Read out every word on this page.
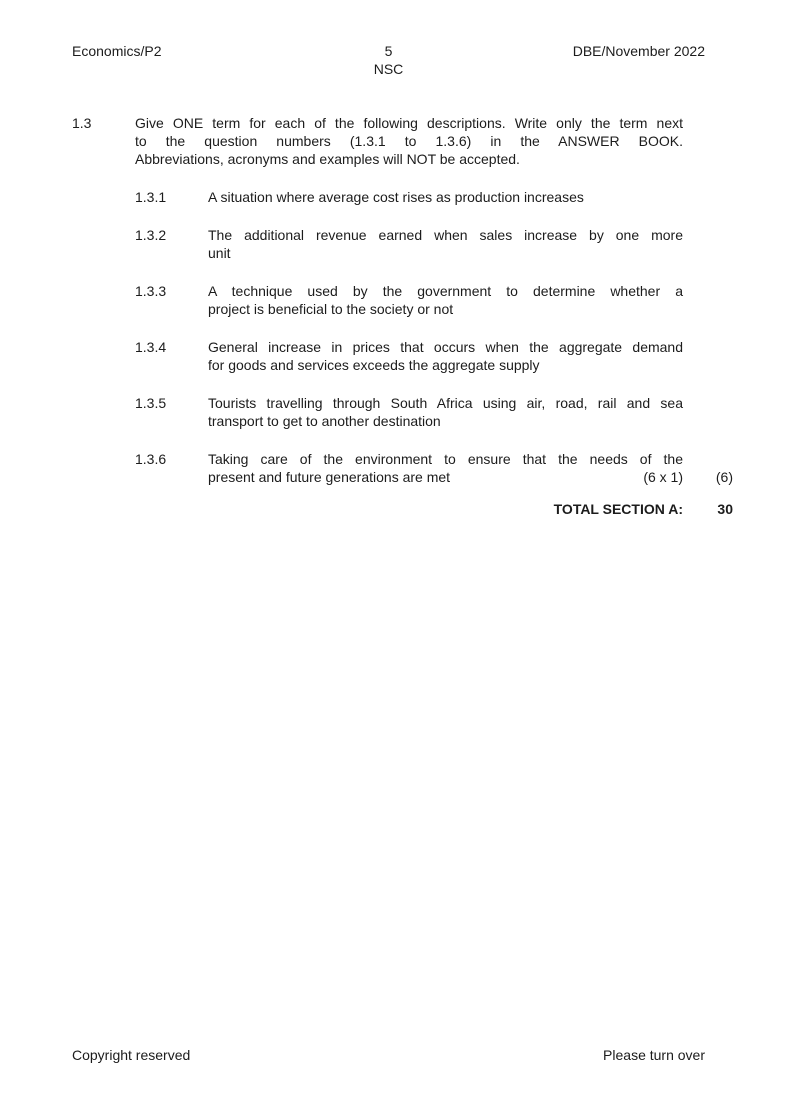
Economics/P2	5	DBE/November 2022
NSC
1.3	Give ONE term for each of the following descriptions. Write only the term next
to the question numbers (1.3.1 to 1.3.6) in the ANSWER BOOK.
Abbreviations, acronyms and examples will NOT be accepted.
1.3.1	A situation where average cost rises as production increases
1.3.2	The additional revenue earned when sales increase by one more
unit
1.3.3	A technique used by the government to determine whether a
project is beneficial to the society or not
1.3.4	General increase in prices that occurs when the aggregate demand
for goods and services exceeds the aggregate supply
1.3.5	Tourists travelling through South Africa using air, road, rail and sea
transport to get to another destination
1.3.6	Taking care of the environment to ensure that the needs of the
present and future generations are met	(6 x 1) (6)
TOTAL SECTION A: 30
Copyright reserved	Please turn over
